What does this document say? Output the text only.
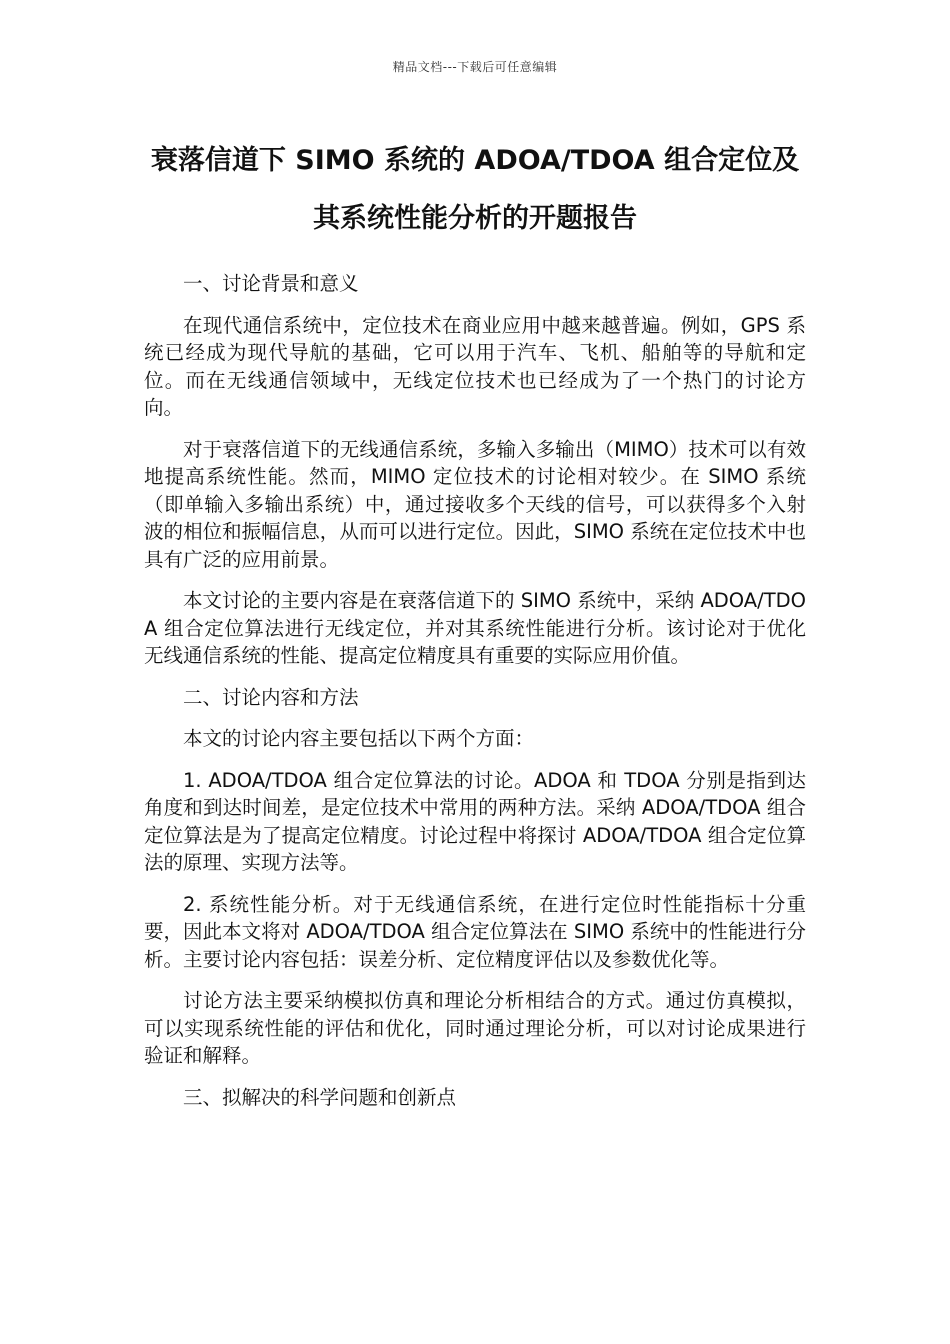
精品文档---下载后可任意编辑
衰落信道下 SIMO 系统的 ADOA/TDOA 组合定位及
其系统性能分析的开题报告

一、讨论背景和意义

在现代通信系统中，定位技术在商业应用中越来越普遍。例如，GPS 系统已经成为现代导航的基础，它可以用于汽车、飞机、船舶等的导航和定位。而在无线通信领域中，无线定位技术也已经成为了一个热门的讨论方向。

对于衰落信道下的无线通信系统，多输入多输出（MIMO）技术可以有效地提高系统性能。然而，MIMO 定位技术的讨论相对较少。在 SIMO 系统（即单输入多输出系统）中，通过接收多个天线的信号，可以获得多个入射波的相位和振幅信息，从而可以进行定位。因此，SIMO 系统在定位技术中也具有广泛的应用前景。

本文讨论的主要内容是在衰落信道下的 SIMO 系统中，采纳 ADOA/TDOA 组合定位算法进行无线定位，并对其系统性能进行分析。该讨论对于优化无线通信系统的性能、提高定位精度具有重要的实际应用价值。

二、讨论内容和方法

本文的讨论内容主要包括以下两个方面：

1. ADOA/TDOA 组合定位算法的讨论。ADOA 和 TDOA 分别是指到达角度和到达时间差，是定位技术中常用的两种方法。采纳 ADOA/TDOA 组合定位算法是为了提高定位精度。讨论过程中将探讨 ADOA/TDOA 组合定位算法的原理、实现方法等。

2. 系统性能分析。对于无线通信系统，在进行定位时性能指标十分重要，因此本文将对 ADOA/TDOA 组合定位算法在 SIMO 系统中的性能进行分析。主要讨论内容包括：误差分析、定位精度评估以及参数优化等。

讨论方法主要采纳模拟仿真和理论分析相结合的方式。通过仿真模拟，可以实现系统性能的评估和优化，同时通过理论分析，可以对讨论成果进行验证和解释。

三、拟解决的科学问题和创新点
